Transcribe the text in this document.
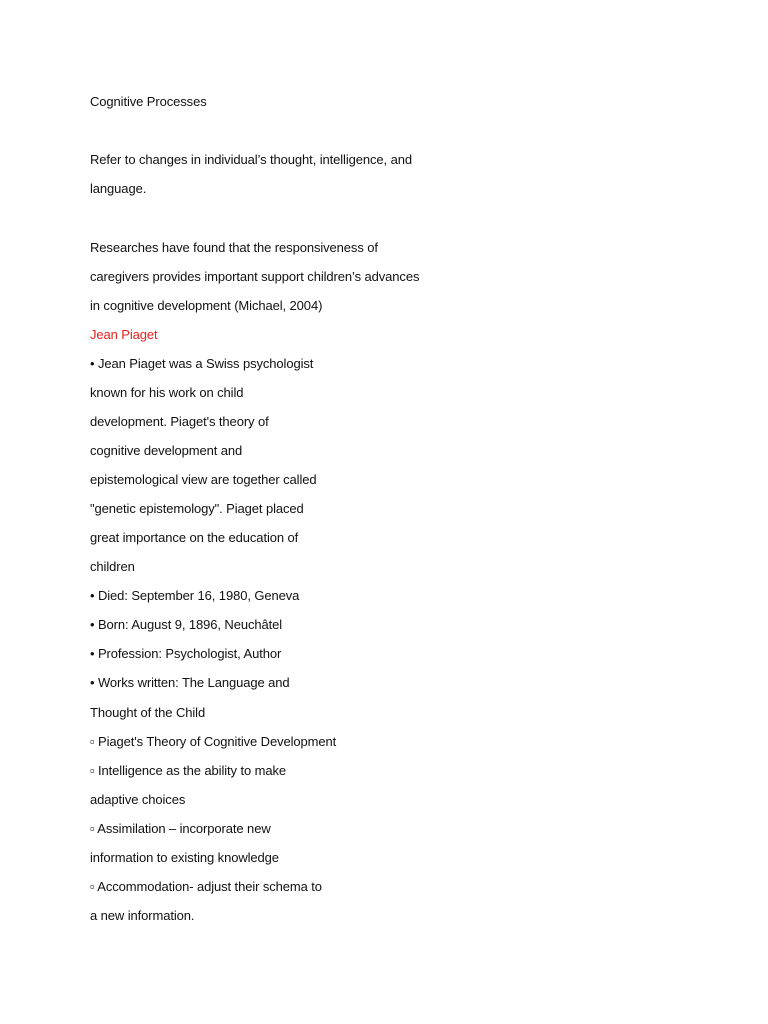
Cognitive Processes
Refer to changes in individual’s thought, intelligence, and
language.
Researches have found that the responsiveness of
caregivers provides important support children’s advances
in cognitive development (Michael, 2004)
Jean Piaget
• Jean Piaget was a Swiss psychologist
known for his work on child
development. Piaget's theory of
cognitive development and
epistemological view are together called
"genetic epistemology". Piaget placed
great importance on the education of
children
• Died: September 16, 1980, Geneva
• Born: August 9, 1896, Neuchâtel
• Profession: Psychologist, Author
• Works written: The Language and
Thought of the Child
▫ Piaget's Theory of Cognitive Development
▫ Intelligence as the ability to make
adaptive choices
▫ Assimilation – incorporate new
information to existing knowledge
▫ Accommodation- adjust their schema to
a new information.
